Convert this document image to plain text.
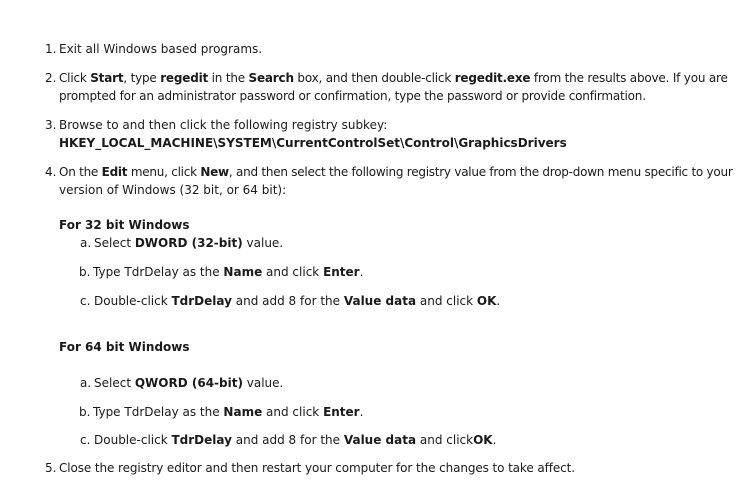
1. Exit all Windows based programs.
2. Click Start, type regedit in the Search box, and then double-click regedit.exe from the results above. If you are
prompted for an administrator password or confirmation, type the password or provide confirmation.
3. Browse to and then click the following registry subkey:
HKEY_LOCAL_MACHINE\SYSTEM\CurrentControlSet\Control\GraphicsDrivers
4. On the Edit menu, click New, and then select the following registry value from the drop-down menu specific to your
version of Windows (32 bit, or 64 bit):
For 32 bit Windows
a. Select DWORD (32-bit) value.
b. Type TdrDelay as the Name and click Enter.
c. Double-click TdrDelay and add 8 for the Value data and click OK.
For 64 bit Windows
a. Select QWORD (64-bit) value.
b. Type TdrDelay as the Name and click Enter.
c. Double-click TdrDelay and add 8 for the Value data and clickOK.
5. Close the registry editor and then restart your computer for the changes to take affect.
